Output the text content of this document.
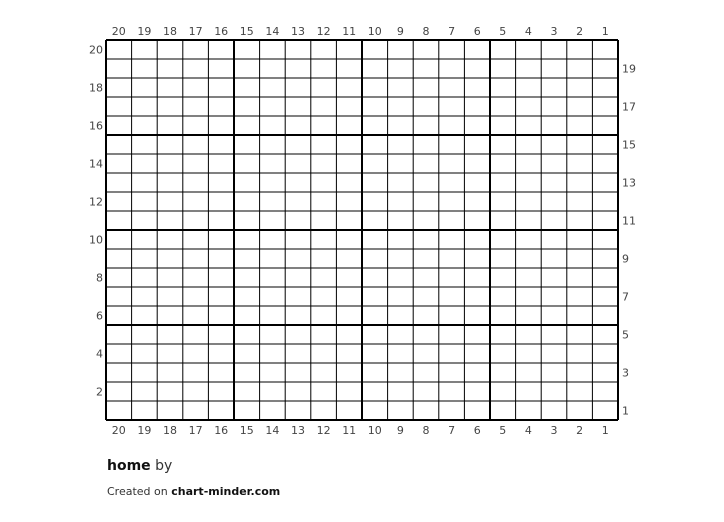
20
20
19
19
18
18
17
17
16
16
15
15
14
14
13
13
12
12
11
11
10
10
9
9
8
8
7
7
6
6
5
5
4
4
3
3
2
2
1
1
20
18
16
14
12
10
8
6
4
2
19
17
15
13
11
9
7
5
3
1
home by
Created on chart-minder.com
